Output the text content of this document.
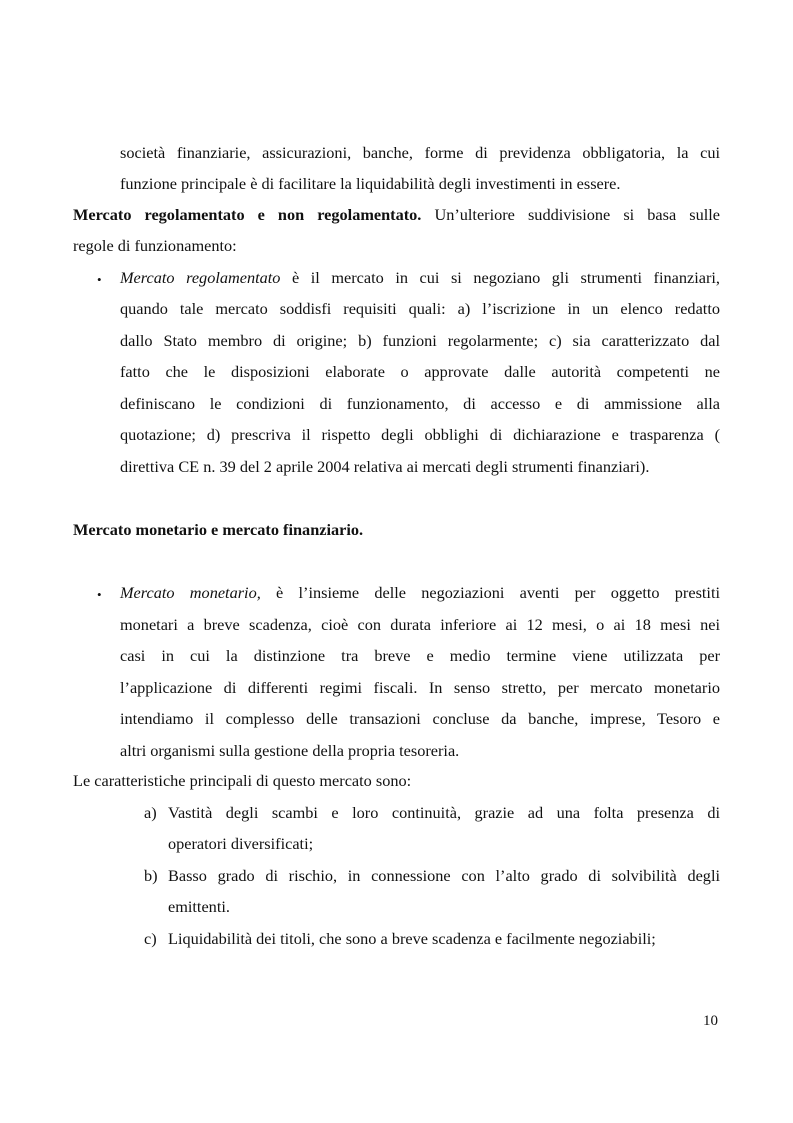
società finanziarie, assicurazioni, banche, forme di previdenza obbligatoria, la cui
funzione principale è di facilitare la liquidabilità degli investimenti in essere.
Mercato regolamentato e non regolamentato. Un’ulteriore suddivisione si basa sulle
regole di funzionamento:
• Mercato regolamentato è il mercato in cui si negoziano gli strumenti finanziari,
quando tale mercato soddisfi requisiti quali: a) l’iscrizione in un elenco redatto
dallo Stato membro di origine; b) funzioni regolarmente; c) sia caratterizzato dal
fatto che le disposizioni elaborate o approvate dalle autorità competenti ne
definiscano le condizioni di funzionamento, di accesso e di ammissione alla
quotazione; d) prescriva il rispetto degli obblighi di dichiarazione e trasparenza (
direttiva CE n. 39 del 2 aprile 2004 relativa ai mercati degli strumenti finanziari).
Mercato monetario e mercato finanziario.
• Mercato monetario, è l’insieme delle negoziazioni aventi per oggetto prestiti
monetari a breve scadenza, cioè con durata inferiore ai 12 mesi, o ai 18 mesi nei
casi in cui la distinzione tra breve e medio termine viene utilizzata per
l’applicazione di differenti regimi fiscali. In senso stretto, per mercato monetario
intendiamo il complesso delle transazioni concluse da banche, imprese, Tesoro e
altri organismi sulla gestione della propria tesoreria.
Le caratteristiche principali di questo mercato sono:
a) Vastità degli scambi e loro continuità, grazie ad una folta presenza di
operatori diversificati;
b) Basso grado di rischio, in connessione con l’alto grado di solvibilità degli
emittenti.
c) Liquidabilità dei titoli, che sono a breve scadenza e facilmente negoziabili;
10
